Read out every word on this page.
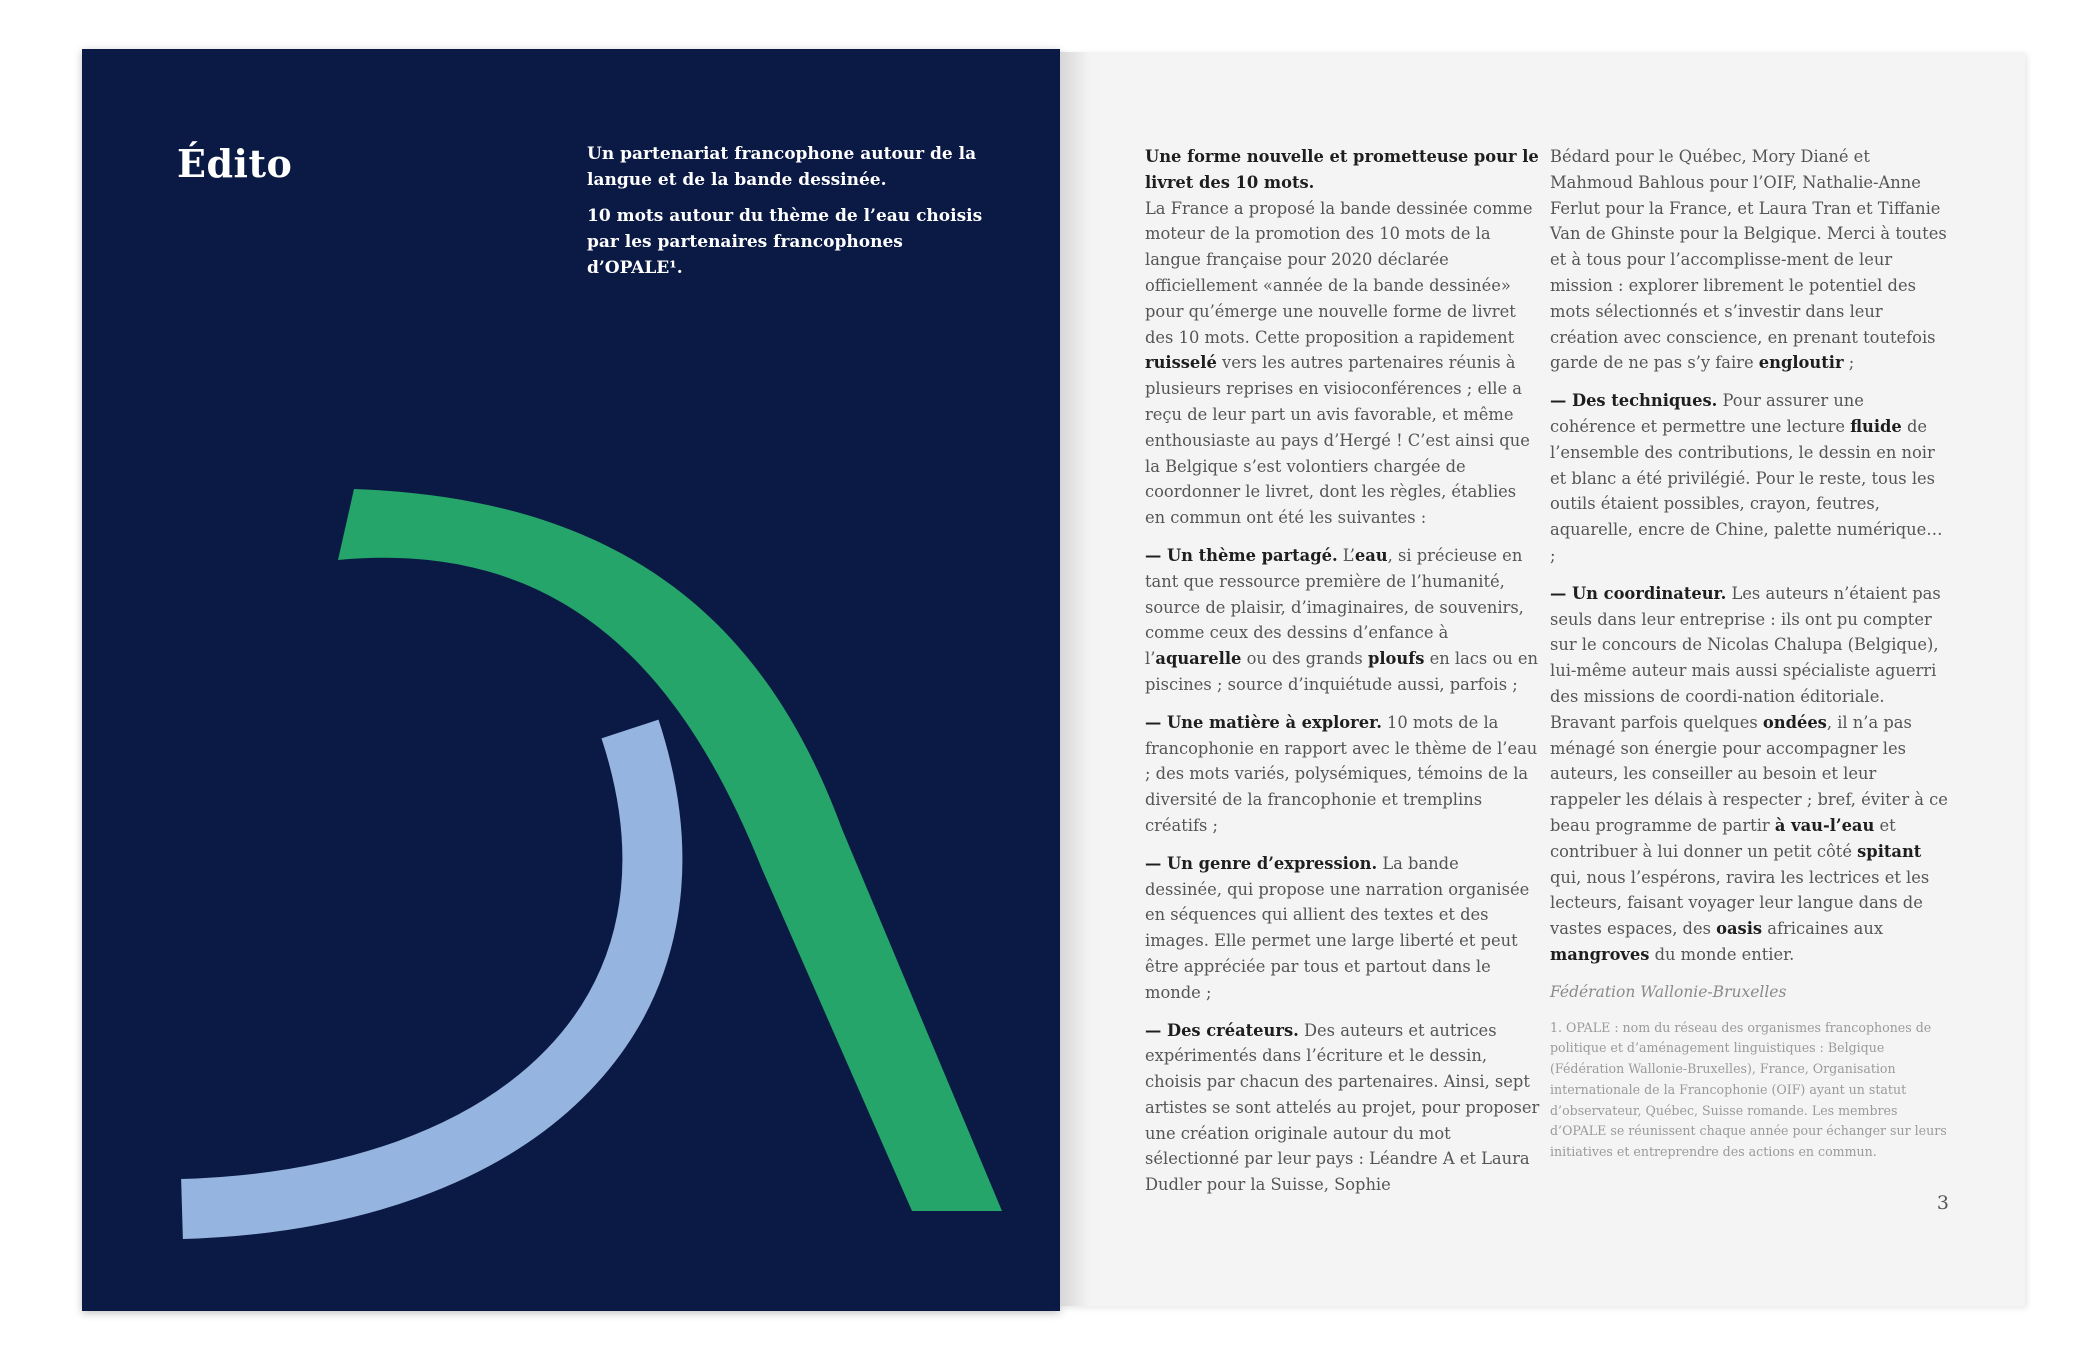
Édito	Un partenariat francophone autour de la langue et de la bande dessinée.

10 mots autour du thème de l’eau choisis par les partenaires francophones d’OPALE¹.

Une forme nouvelle et prometteuse pour le livret des 10 mots.
La France a proposé la bande dessinée comme moteur de la promotion des 10 mots de la langue française pour 2020 déclarée officiellement «année de la bande dessinée» pour qu’émerge une nouvelle forme de livret des 10 mots. Cette proposition a rapidement ruisselé vers les autres partenaires réunis à plusieurs reprises en visioconférences ; elle a reçu de leur part un avis favorable, et même enthousiaste au pays d’Hergé ! C’est ainsi que la Belgique s’est volontiers chargée de coordonner le livret, dont les règles, établies en commun ont été les suivantes :

— Un thème partagé. L’eau, si précieuse en tant que ressource première de l’humanité, source de plaisir, d’imaginaires, de souvenirs, comme ceux des dessins d’enfance à l’aquarelle ou des grands ploufs en lacs ou en piscines ; source d’inquiétude aussi, parfois ;

— Une matière à explorer. 10 mots de la francophonie en rapport avec le thème de l’eau ; des mots variés, polysémiques, témoins de la diversité de la francophonie et tremplins créatifs ;

— Un genre d’expression. La bande dessinée, qui propose une narration organisée en séquences qui allient des textes et des images. Elle permet une large liberté et peut être appréciée par tous et partout dans le monde ;

— Des créateurs. Des auteurs et autrices expérimentés dans l’écriture et le dessin, choisis par chacun des partenaires. Ainsi, sept artistes se sont attelés au projet, pour proposer une création originale autour du mot sélectionné par leur pays : Léandre A et Laura Dudler pour la Suisse, Sophie

Bédard pour le Québec, Mory Diané et Mahmoud Bahlous pour l’OIF, Nathalie-Anne Ferlut pour la France, et Laura Tran et Tiffanie Van de Ghinste pour la Belgique. Merci à toutes et à tous pour l’accomplisse-ment de leur mission : explorer librement le potentiel des mots sélectionnés et s’investir dans leur création avec conscience, en prenant toutefois garde de ne pas s’y faire engloutir ;

— Des techniques. Pour assurer une cohérence et permettre une lecture fluide de l’ensemble des contributions, le dessin en noir et blanc a été privilégié. Pour le reste, tous les outils étaient possibles, crayon, feutres, aquarelle, encre de Chine, palette numérique… ;

— Un coordinateur. Les auteurs n’étaient pas seuls dans leur entreprise : ils ont pu compter sur le concours de Nicolas Chalupa (Belgique), lui-même auteur mais aussi spécialiste aguerri des missions de coordi-nation éditoriale. Bravant parfois quelques ondées, il n’a pas ménagé son énergie pour accompagner les auteurs, les conseiller au besoin et leur rappeler les délais à respecter ; bref, éviter à ce beau programme de partir à vau-l’eau et contribuer à lui donner un petit côté spitant qui, nous l’espérons, ravira les lectrices et les lecteurs, faisant voyager leur langue dans de vastes espaces, des oasis africaines aux mangroves du monde entier.

Fédération Wallonie-Bruxelles

1. OPALE : nom du réseau des organismes francophones de politique et d’aménagement linguistiques : Belgique (Fédération Wallonie-Bruxelles), France, Organisation internationale de la Francophonie (OIF) ayant un statut d’observateur, Québec, Suisse romande. Les membres d’OPALE se réunissent chaque année pour échanger sur leurs initiatives et entreprendre des actions en commun.

3
